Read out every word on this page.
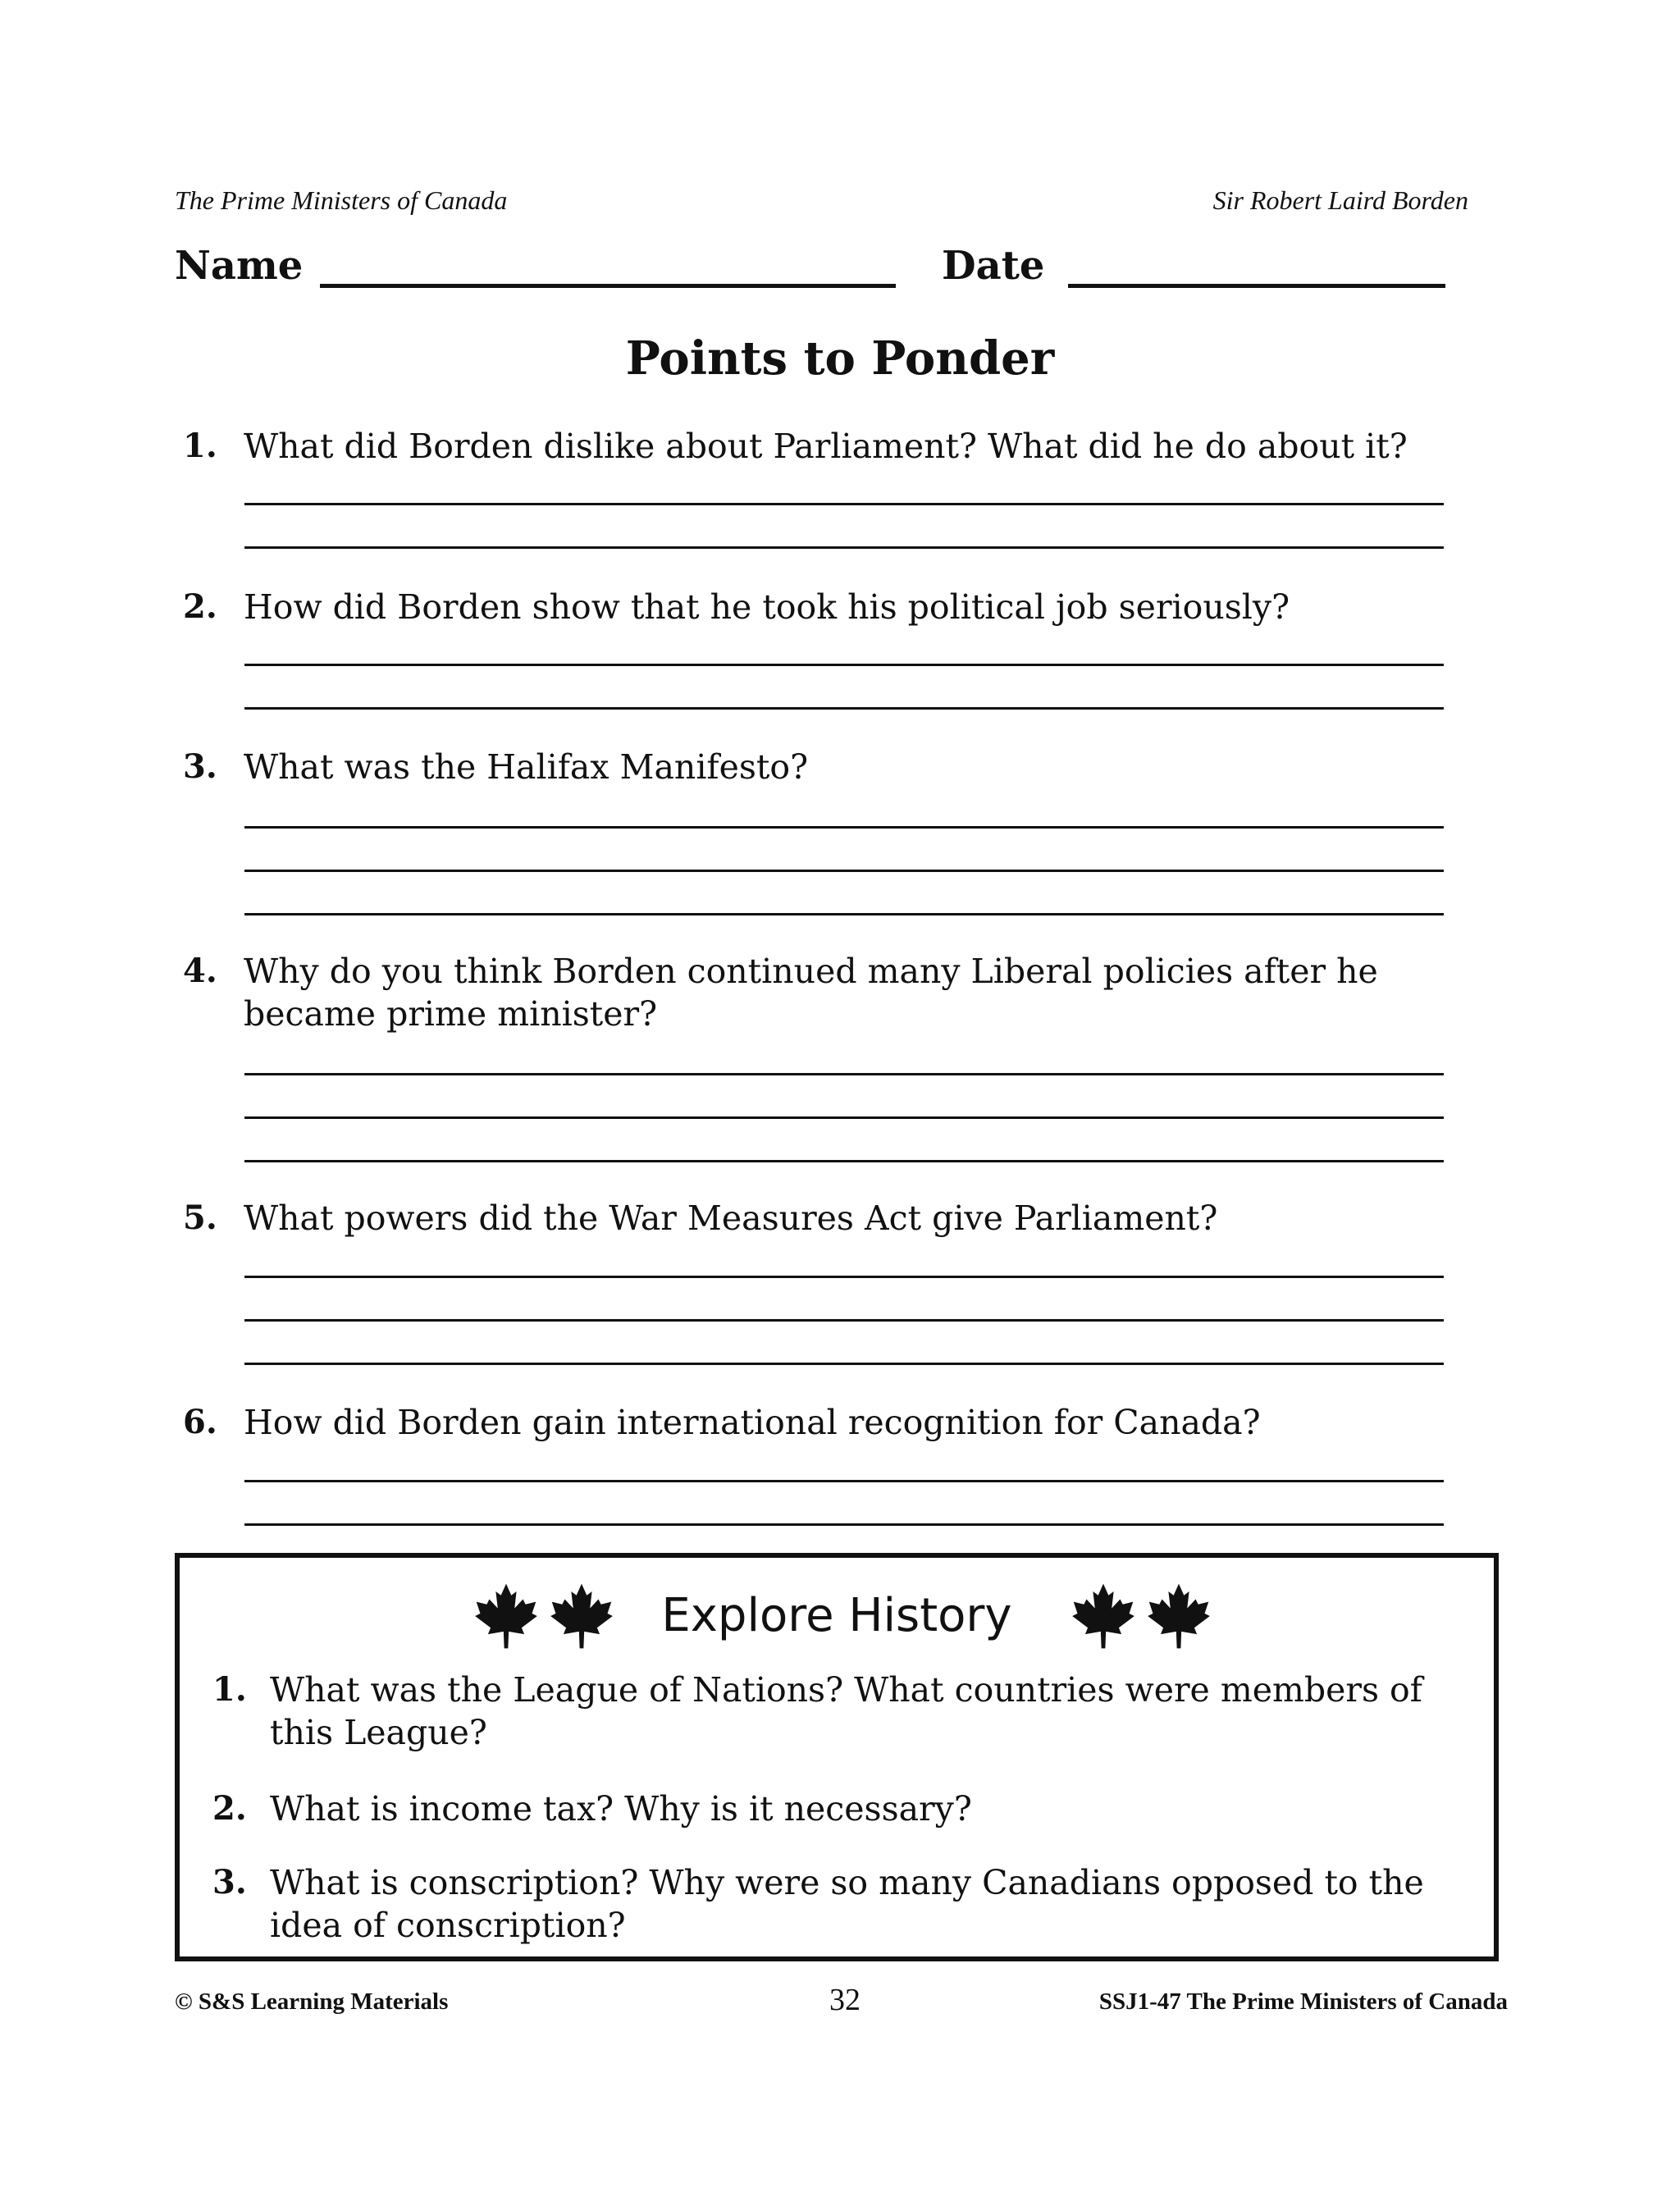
The Prime Ministers of Canada	Sir Robert Laird Borden
Name	Date
Points to Ponder
1. What did Borden dislike about Parliament? What did he do about it?
2. How did Borden show that he took his political job seriously?
3. What was the Halifax Manifesto?
4. Why do you think Borden continued many Liberal policies after he became prime minister?
5. What powers did the War Measures Act give Parliament?
6. How did Borden gain international recognition for Canada?
Explore History
1. What was the League of Nations? What countries were members of this League?
2. What is income tax? Why is it necessary?
3. What is conscription? Why were so many Canadians opposed to the idea of conscription?
© S&S Learning Materials	32	SSJ1-47 The Prime Ministers of Canada
